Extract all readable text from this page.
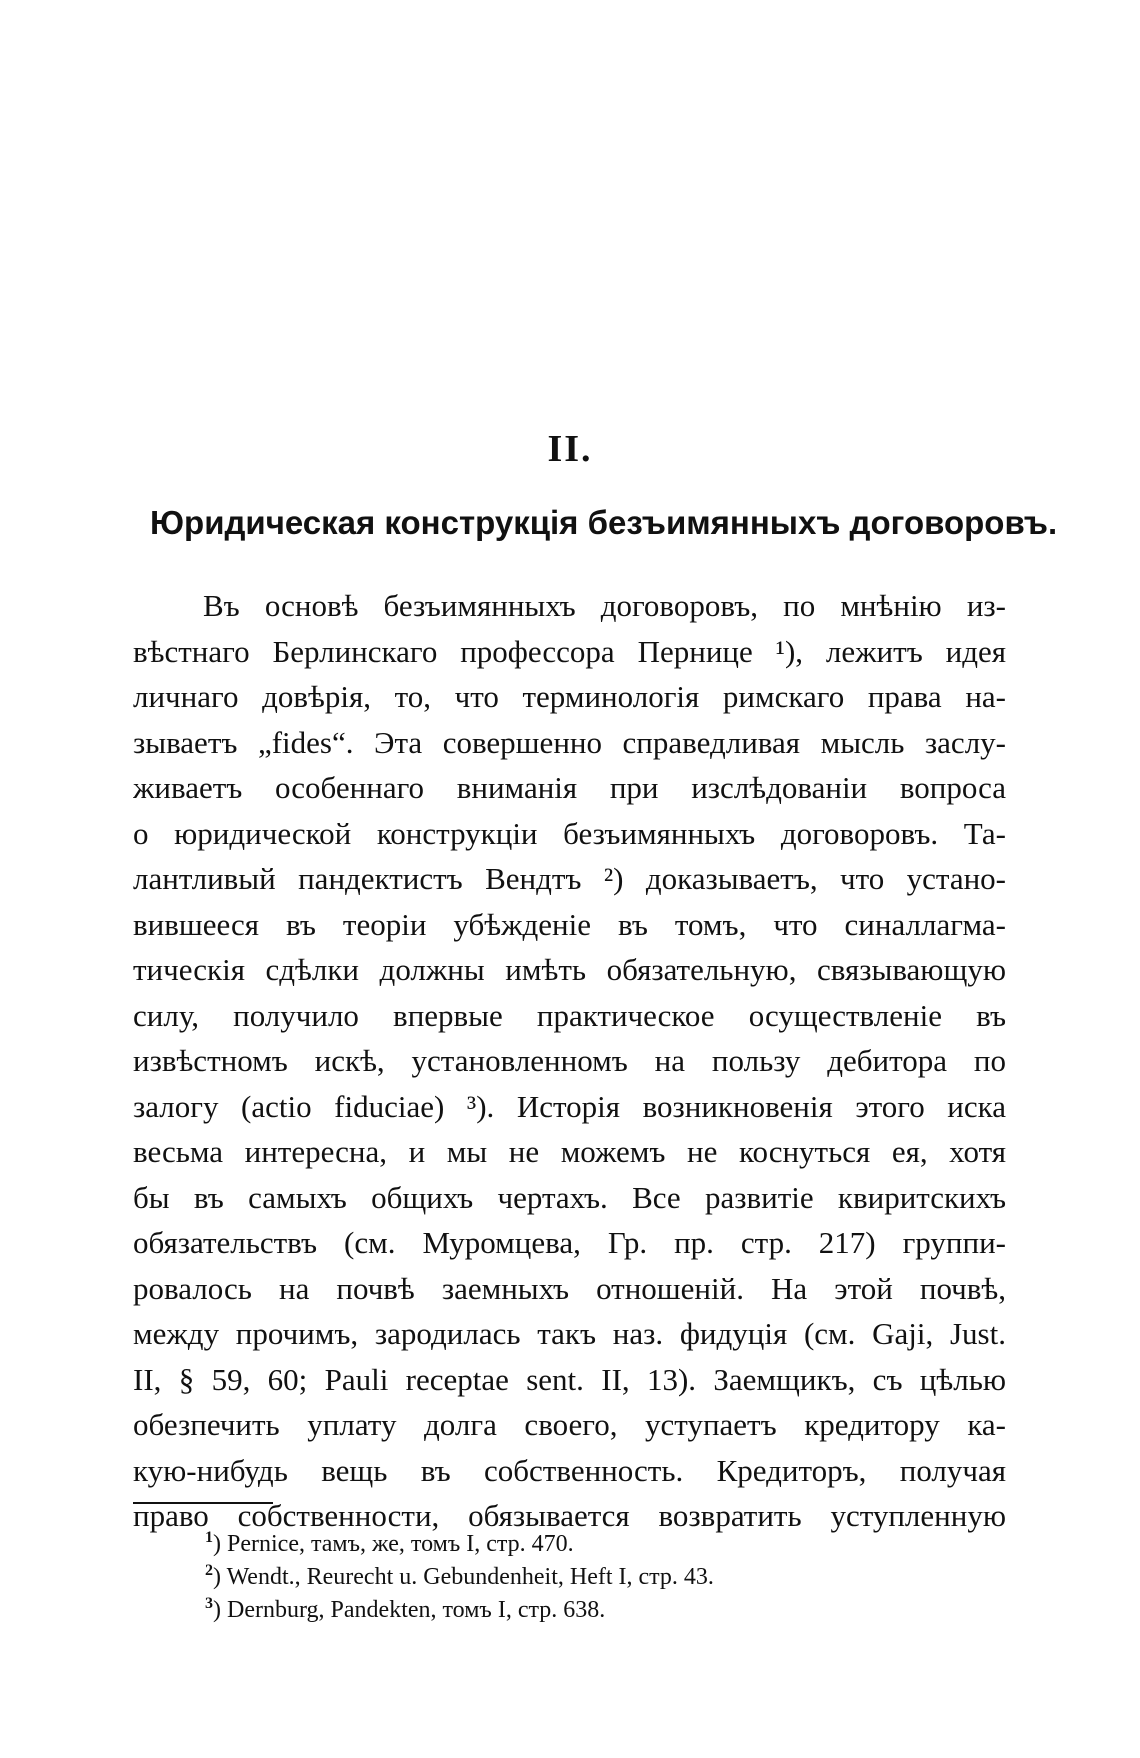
II.
Юридическая конструкція безъимянныхъ договоровъ.
Въ основѣ безъимянныхъ договоровъ, по мнѣнію из-
вѣстнаго Берлинскаго профессора Пернице ¹), лежитъ идея
личнаго довѣрія, то, что терминологія римскаго права на-
зываетъ „fides“. Эта совершенно справедливая мысль заслу-
живаетъ особеннаго вниманія при изслѣдованіи вопроса
о юридической конструкціи безъимянныхъ договоровъ. Та-
лантливый пандектистъ Вендтъ ²) доказываетъ, что устано-
вившееся въ теоріи убѣжденіе въ томъ, что синаллагма-
тическія сдѣлки должны имѣть обязательную, связывающую
силу, получило впервые практическое осуществленіе въ
извѣстномъ искѣ, установленномъ на пользу дебитора по
залогу (actio fiduciae) ³). Исторія возникновенія этого иска
весьма интересна, и мы не можемъ не коснуться ея, хотя
бы въ самыхъ общихъ чертахъ. Все развитіе квиритскихъ
обязательствъ (см. Муромцева, Гр. пр. стр. 217) группи-
ровалось на почвѣ заемныхъ отношеній. На этой почвѣ,
между прочимъ, зародилась такъ наз. фидуція (см. Gaji, Just.
II, § 59, 60; Pauli receptae sent. II, 13). Заемщикъ, съ цѣлью
обезпечить уплату долга своего, уступаетъ кредитору ка-
кую-нибудь вещь въ собственность. Кредиторъ, получая
право собственности, обязывается возвратить уступленную
$^1$) Pernice, тамъ, же, томъ I, стр. 470.
$^2$) Wendt., Reurecht u. Gebundenheit, Heft I, стр. 43.
$^3$) Dernburg, Pandekten, томъ I, стр. 638.
